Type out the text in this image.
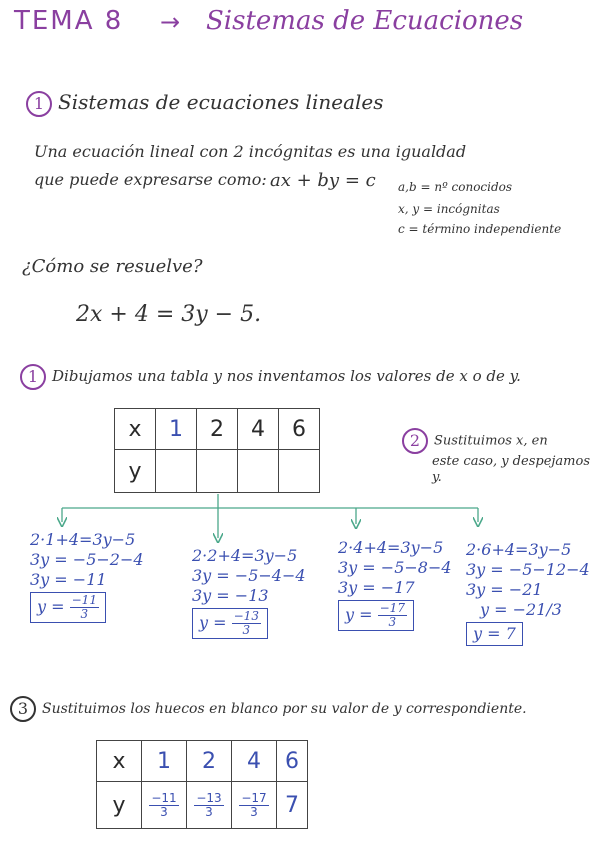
TEMA 8 → Sistemas de Ecuaciones
1 Sistemas de ecuaciones lineales
Una ecuación lineal con 2 incógnitas es una igualdad
que puede expresarse como: ax + by = c a,b = nº conocidos
x, y = incógnitas
c = término independiente
¿Cómo se resuelve?
2x + 4 = 3y − 5.
1 Dibujamos una tabla y nos inventamos los valores de x o de y.
x	1	2	4	6
y				
2 Sustituimos x, en
este caso, y despejamos
y.
2·1+4=3y−5
3y = −5−2−4
3y = −11
$y = \frac{-11}{3}$
2·2+4=3y−5
3y = −5−4−4
3y = −13
$y = \frac{-13}{3}$
2·4+4=3y−5
3y = −5−8−4
3y = −17
$y = \frac{-17}{3}$
2·6+4=3y−5
3y = −5−12−4
3y = −21
y = −21/3
y = 7
3 Sustituimos los huecos en blanco por su valor de y correspondiente.
x	1	2	4	6
y	$\frac{-11}{3}$	$\frac{-13}{3}$	$\frac{-17}{3}$	7
